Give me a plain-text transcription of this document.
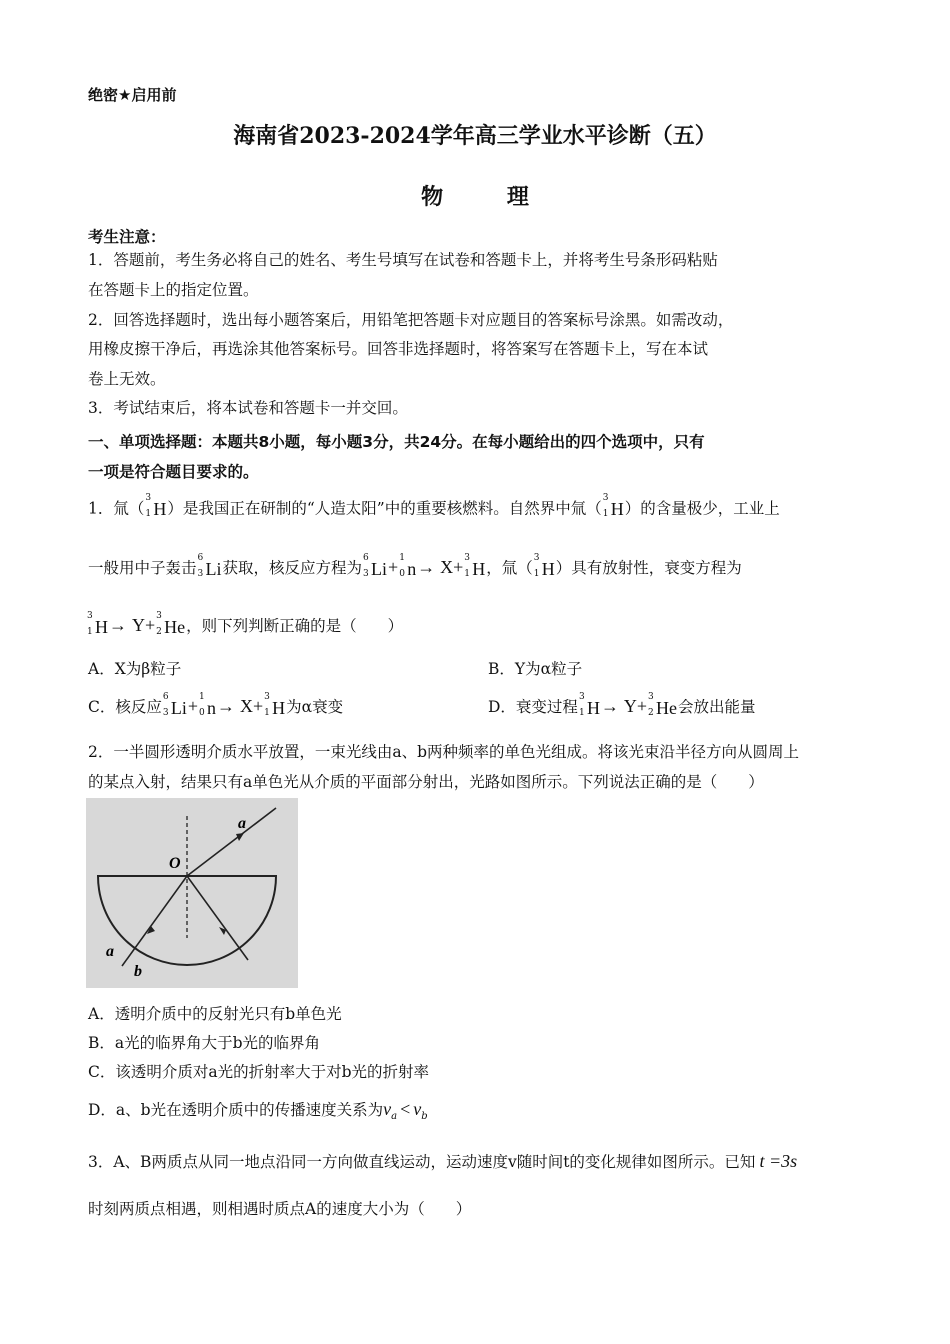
绝密★启用前
海南省2023-2024学年高三学业水平诊断（五）
物 理
考生注意：
1．答题前，考生务必将自己的姓名、考生号填写在试卷和答题卡上，并将考生号条形码粘贴
在答题卡上的指定位置。
2．回答选择题时，选出每小题答案后，用铅笔把答题卡对应题目的答案标号涂黑。如需改动，
用橡皮擦干净后，再选涂其他答案标号。回答非选择题时，将答案写在答题卡上，写在本试
卷上无效。
3．考试结束后，将本试卷和答题卡一并交回。
一、单项选择题：本题共8小题，每小题3分，共24分。在每小题给出的四个选项中，只有
一项是符合题目要求的。
1．氚（
3
1 H）是我国正在研制的“人造太阳”中的重要核燃料。自然界中氚（
3
1 H）的含量极少，工业上
一般用中子轰击
6
3 Li获取，核反应方程为
6
3 Li+ 1
0 n→ X+ 3
1 H，氚（
3
1 H）具有放射性，衰变方程为
3
1 H→ Y+ 3
2 He，则下列判断正确的是（　　）
A．X为β粒子	B．Y为α粒子
C．核反应
6
3 Li+ 1
0 n→ X+ 3
1 H为α衰变	D．衰变过程
3
1 H→ Y+ 3
2 He会放出能量
2．一半圆形透明介质水平放置，一束光线由a、b两种频率的单色光组成。将该光束沿半径方向从圆周上
的某点入射，结果只有a单色光从介质的平面部分射出，光路如图所示。下列说法正确的是（　　）
O
a
a
b
A．透明介质中的反射光只有b单色光
B．a光的临界角大于b光的临界角
C．该透明介质对a光的折射率大于对b光的折射率
D．a、b光在透明介质中的传播速度关系为$v_a < v_b$
3．A、B两质点从同一地点沿同一方向做直线运动，运动速度v随时间t的变化规律如图所示。已知 t =3s
时刻两质点相遇，则相遇时质点A的速度大小为（　　）
